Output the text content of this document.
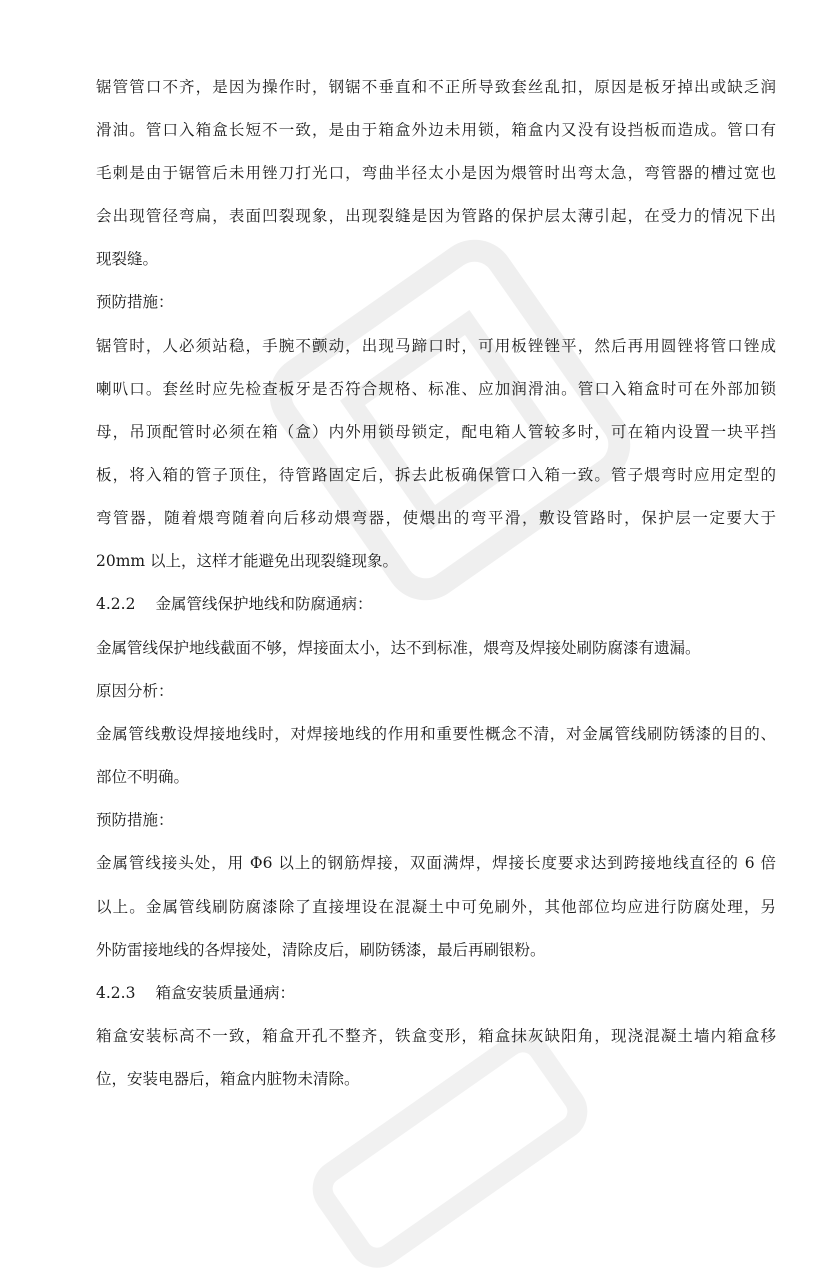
锯管管口不齐，是因为操作时，钢锯不垂直和不正所导致套丝乱扣，原因是板牙掉出或缺乏润
滑油。管口入箱盒长短不一致，是由于箱盒外边未用锁，箱盒内又没有设挡板而造成。管口有
毛刺是由于锯管后未用锉刀打光口，弯曲半径太小是因为煨管时出弯太急，弯管器的槽过宽也
会出现管径弯扁，表面凹裂现象，出现裂缝是因为管路的保护层太薄引起，在受力的情况下出
现裂缝。
预防措施：
锯管时，人必须站稳，手腕不颤动，出现马蹄口时，可用板锉锉平，然后再用圆锉将管口锉成
喇叭口。套丝时应先检查板牙是否符合规格、标准、应加润滑油。管口入箱盒时可在外部加锁
母，吊顶配管时必须在箱（盒）内外用锁母锁定，配电箱人管较多时，可在箱内设置一块平挡
板，将入箱的管子顶住，待管路固定后，拆去此板确保管口入箱一致。管子煨弯时应用定型的
弯管器，随着煨弯随着向后移动煨弯器，使煨出的弯平滑，敷设管路时，保护层一定要大于
20mm 以上，这样才能避免出现裂缝现象。
4.2.2 金属管线保护地线和防腐通病：
金属管线保护地线截面不够，焊接面太小，达不到标准，煨弯及焊接处刷防腐漆有遗漏。
原因分析：
金属管线敷设焊接地线时，对焊接地线的作用和重要性概念不清，对金属管线刷防锈漆的目的、
部位不明确。
预防措施：
金属管线接头处，用 Φ6 以上的钢筋焊接，双面满焊，焊接长度要求达到跨接地线直径的 6 倍
以上。金属管线刷防腐漆除了直接埋设在混凝土中可免刷外，其他部位均应进行防腐处理，另
外防雷接地线的各焊接处，清除皮后，刷防锈漆，最后再刷银粉。
4.2.3 箱盒安装质量通病：
箱盒安装标高不一致，箱盒开孔不整齐，铁盒变形，箱盒抹灰缺阳角，现浇混凝土墙内箱盒移
位，安装电器后，箱盒内脏物未清除。
